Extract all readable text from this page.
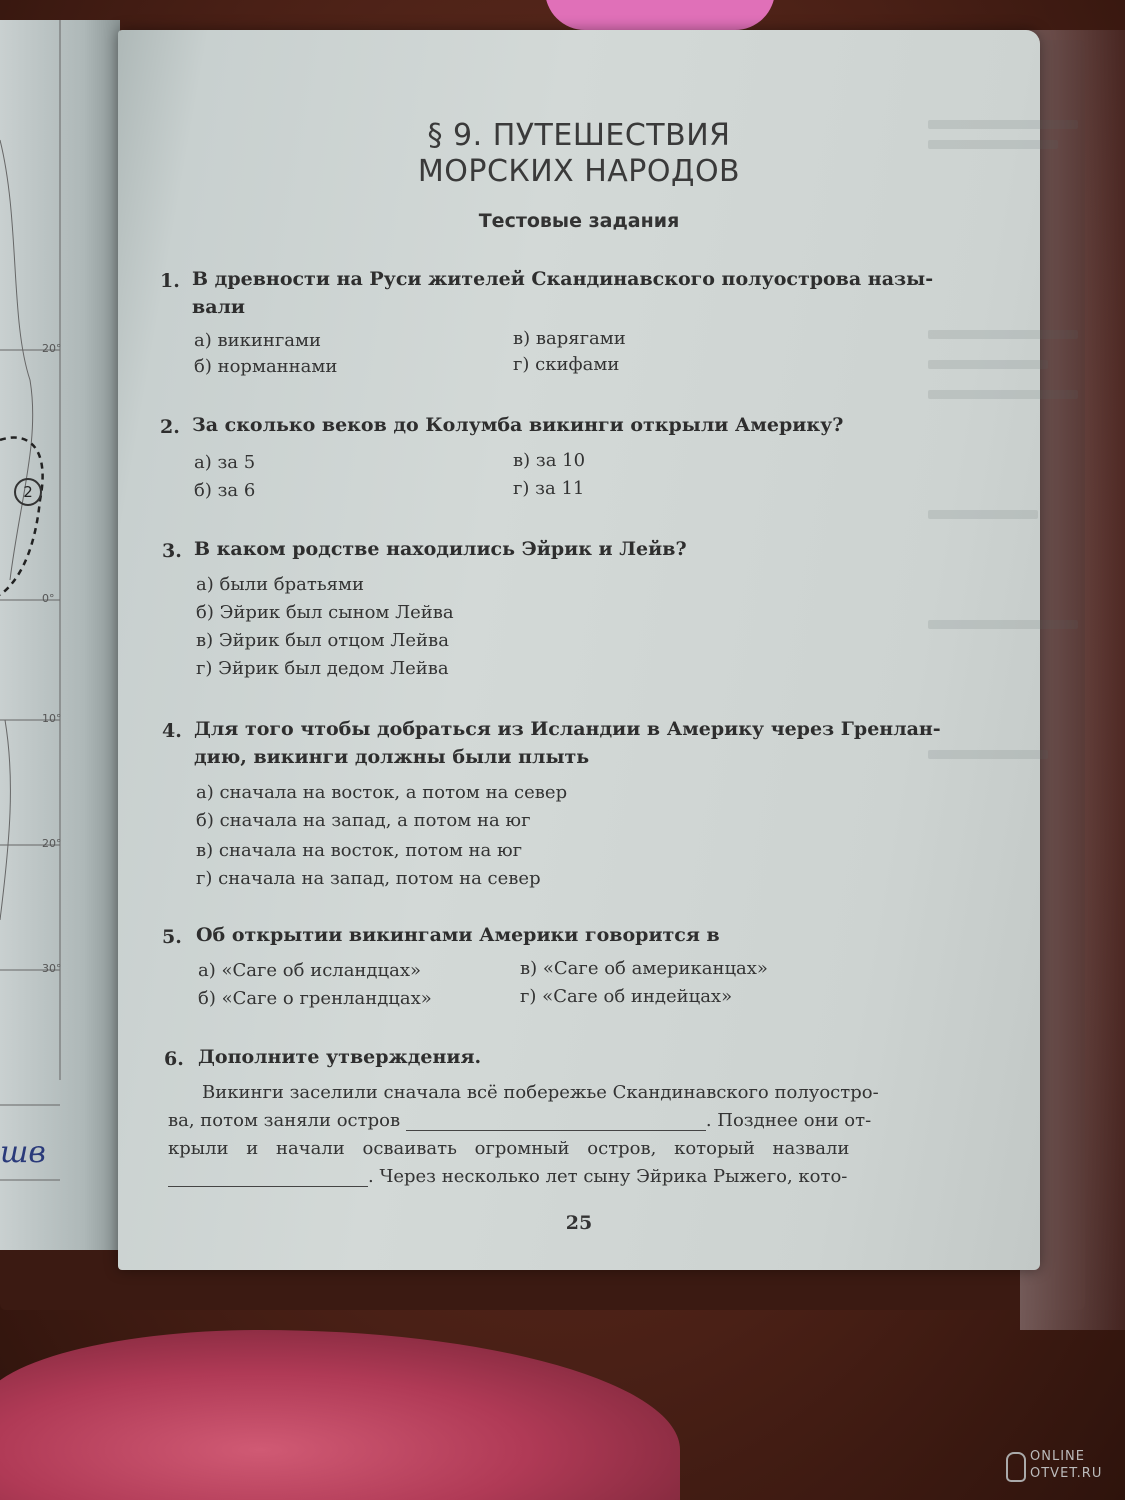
20°
0°
10°
20°
30°
2
шв
§ 9. ПУТЕШЕСТВИЯ
МОРСКИХ НАРОДОВ
Тестовые задания
1. В древности на Руси жителей Скандинавского полуострова назы-
вали
а) викингами
б) норманнами
в) варягами
г) скифами
2. За сколько веков до Колумба викинги открыли Америку?
а) за 5
б) за 6
в) за 10
г) за 11
3. В каком родстве находились Эйрик и Лейв?
а) были братьями
б) Эйрик был сыном Лейва
в) Эйрик был отцом Лейва
г) Эйрик был дедом Лейва
4. Для того чтобы добраться из Исландии в Америку через Гренлан-
дию, викинги должны были плыть
а) сначала на восток, а потом на север
б) сначала на запад, а потом на юг
в) сначала на восток, потом на юг
г) сначала на запад, потом на север
5. Об открытии викингами Америки говорится в
а) «Саге об исландцах»
б) «Саге о гренландцах»
в) «Саге об американцах»
г) «Саге об индейцах»
6. Дополните утверждения.
Викинги заселили сначала всё побережье Скандинавского полуостро-
ва, потом заняли остров	. Позднее они от-
крыли и начали осваивать огромный остров, который назвали
. Через несколько лет сыну Эйрика Рыжего, кото-
25
ONLINE
OTVET.RU
